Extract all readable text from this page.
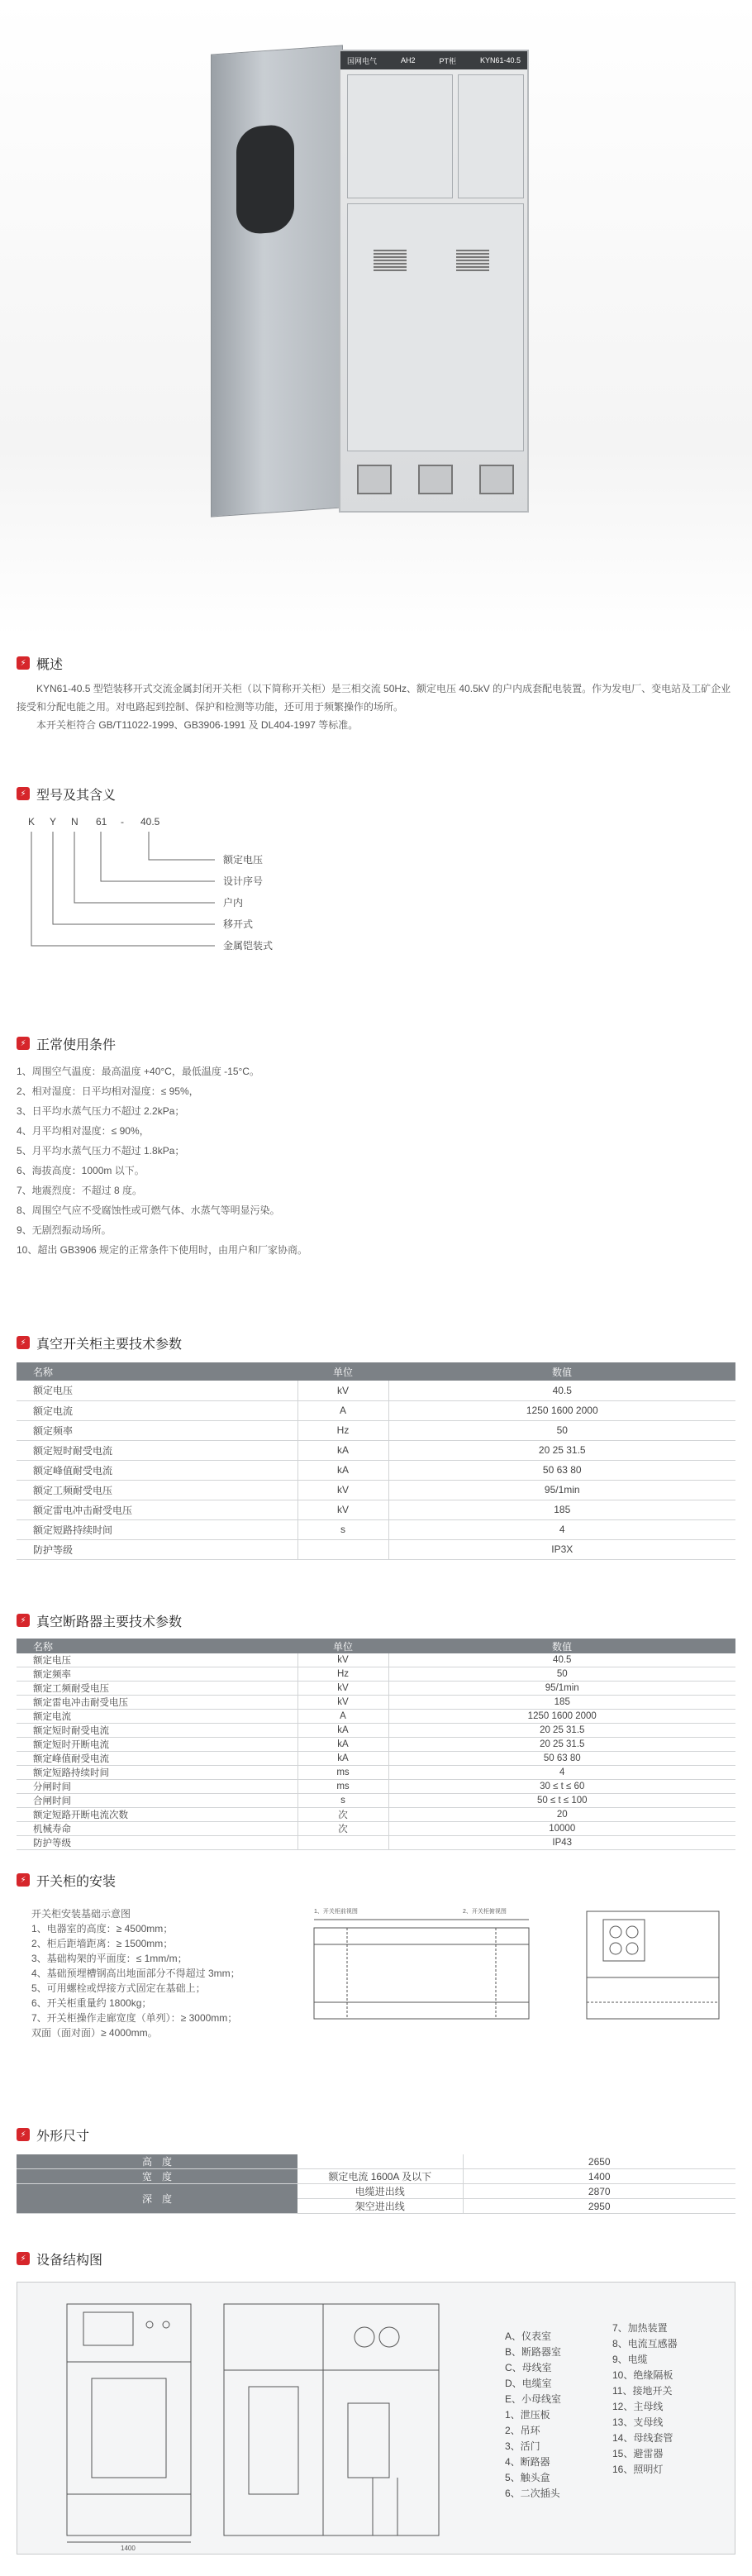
国网电气	AH2	PT柜	KYN61-40.5
⚡ 概述

KYN61-40.5 型铠装移开式交流金属封闭开关柜（以下简称开关柜）是三相交流 50Hz、额定电压 40.5kV 的户内成套配电装置。作为发电厂、变电站及工矿企业接受和分配电能之用。对电路起到控制、保护和检测等功能，还可用于频繁操作的场所。

本开关柜符合 GB/T11022-1999、GB3906-1991 及 DL404-1997 等标准。

⚡ 型号及其含义
K Y N 61 - 40.5
额定电压
设计序号
户内
移开式
金属铠装式
⚡ 正常使用条件
1、周围空气温度：最高温度 +40°C，最低温度 -15°C。
2、相对湿度：日平均相对湿度：≤ 95%，
3、日平均水蒸气压力不超过 2.2kPa；
4、月平均相对湿度：≤ 90%，
5、月平均水蒸气压力不超过 1.8kPa；
6、海拔高度：1000m 以下。
7、地震烈度：不超过 8 度。
8、周围空气应不受腐蚀性或可燃气体、水蒸气等明显污染。
9、无剧烈振动场所。
10、超出 GB3906 规定的正常条件下使用时，由用户和厂家协商。
⚡ 真空开关柜主要技术参数
名称	单位	数值
额定电压	kV	40.5
额定电流	A	1250 1600 2000
额定频率	Hz	50
额定短时耐受电流	kA	20 25 31.5
额定峰值耐受电流	kA	50 63 80
额定工频耐受电压	kV	95/1min
额定雷电冲击耐受电压	kV	185
额定短路持续时间	s	4
防护等级		IP3X
⚡ 真空断路器主要技术参数
名称	单位	数值
额定电压	kV	40.5
额定频率	Hz	50
额定工频耐受电压	kV	95/1min
额定雷电冲击耐受电压	kV	185
额定电流	A	1250 1600 2000
额定短时耐受电流	kA	20 25 31.5
额定短时开断电流	kA	20 25 31.5
额定峰值耐受电流	kA	50 63 80
额定短路持续时间	ms	4
分闸时间	ms	30 ≤ t ≤ 60
合闸时间	s	50 ≤ t ≤ 100
额定短路开断电流次数	次	20
机械寿命	次	10000
防护等级		IP43
⚡ 开关柜的安装
开关柜安装基础示意图
1、电器室的高度：≥ 4500mm；
2、柜后距墙距离：≥ 1500mm；
3、基础构架的平面度：≤ 1mm/m；
4、基础预埋槽钢高出地面部分不得超过 3mm；
5、可用螺栓或焊接方式固定在基础上；
6、开关柜重量约 1800kg；
7、开关柜操作走廊宽度（单列）：≥ 3000mm；
双面（面对面）≥ 4000mm。
1、开关柜前视图	2、开关柜俯视图
⚡ 外形尺寸
高　度		2650
宽　度	额定电流 1600A 及以下	1400
深　度	电缆进出线	2870
	架空进出线	2950
⚡ 设备结构图
1400
A、仪表室
B、断路器室
C、母线室
D、电缆室
E、小母线室
1、泄压板
2、吊环
3、活门
4、断路器
5、触头盒
6、二次插头
7、加热装置
8、电流互感器
9、电缆
10、绝缘隔板
11、接地开关
12、主母线
13、支母线
14、母线套管
15、避雷器
16、照明灯
